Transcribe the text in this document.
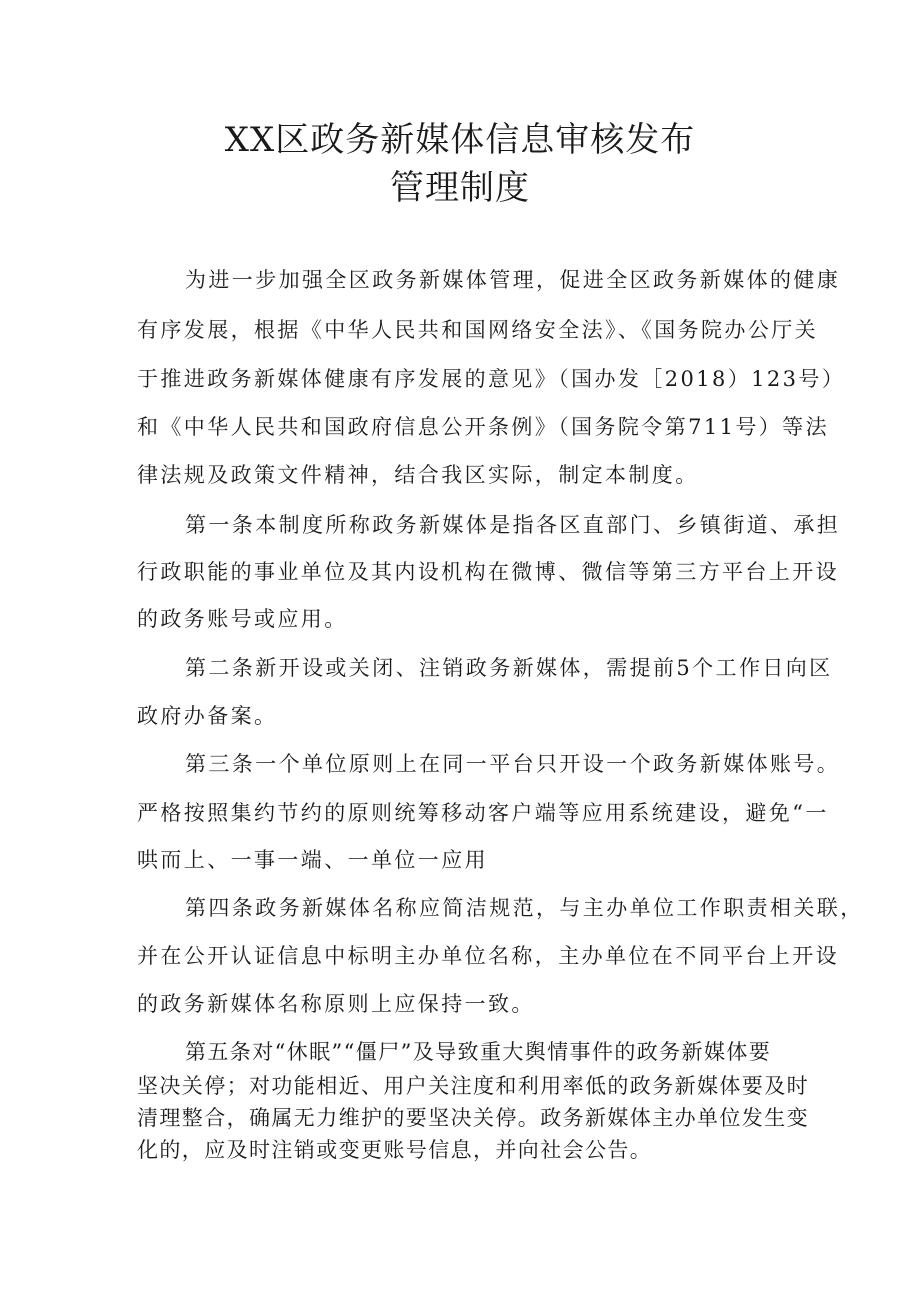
XX区政务新媒体信息审核发布
管理制度

为进一步加强全区政务新媒体管理，促进全区政务新媒体的健康

有序发展，根据《中华人民共和国网络安全法》、《国务院办公厅关

于推进政务新媒体健康有序发展的意见》（国办发［2018）123号）

和《中华人民共和国政府信息公开条例》（国务院令第711号）等法

律法规及政策文件精神，结合我区实际，制定本制度。

第一条本制度所称政务新媒体是指各区直部门、乡镇街道、承担

行政职能的事业单位及其内设机构在微博、微信等第三方平台上开设

的政务账号或应用。

第二条新开设或关闭、注销政务新媒体，需提前5个工作日向区

政府办备案。

第三条一个单位原则上在同一平台只开设一个政务新媒体账号。

严格按照集约节约的原则统筹移动客户端等应用系统建设，避免“一

哄而上、一事一端、一单位一应用

第四条政务新媒体名称应简洁规范，与主办单位工作职责相关联，

并在公开认证信息中标明主办单位名称，主办单位在不同平台上开设

的政务新媒体名称原则上应保持一致。

第五条对“休眠”“僵尸”及导致重大舆情事件的政务新媒体要

坚决关停；对功能相近、用户关注度和利用率低的政务新媒体要及时

清理整合，确属无力维护的要坚决关停。政务新媒体主办单位发生变

化的，应及时注销或变更账号信息，并向社会公告。
